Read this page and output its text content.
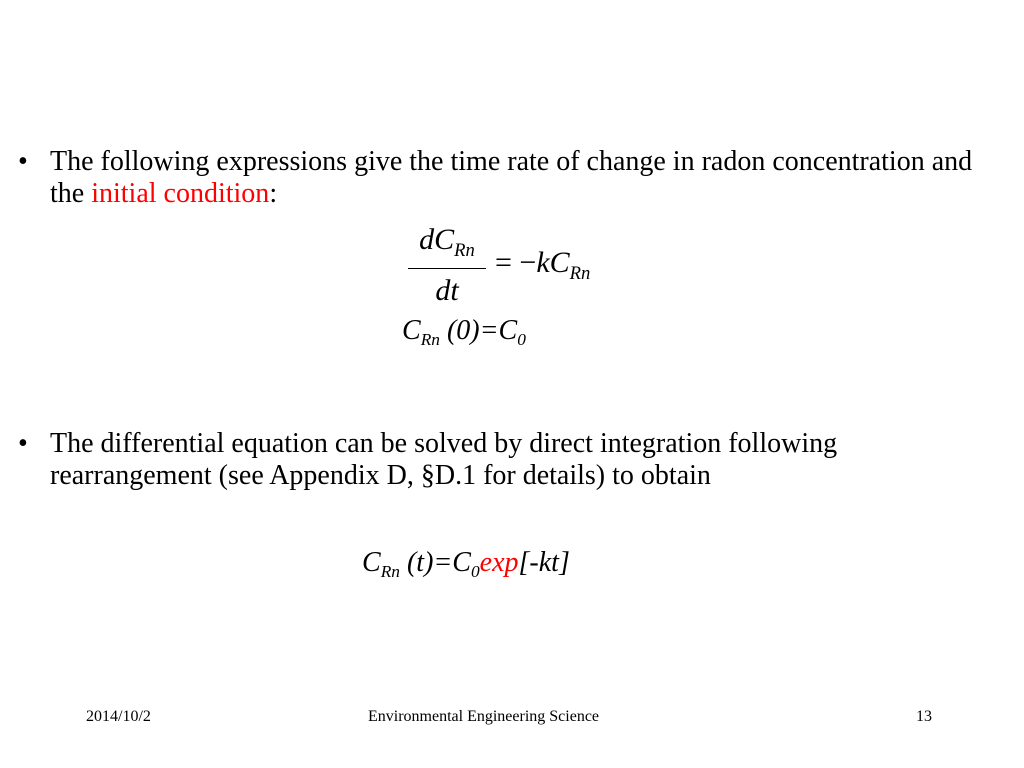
• The following expressions give the time rate of change in radon concentration and the initial condition:
$dC_{Rn}$
dt
= $-kC_{Rn}$
$C_{Rn}$ $(0)=C_0$
• The differential equation can be solved by direct integration following rearrangement (see Appendix D, §D.1 for details) to obtain
$C_{Rn}$ $(t)=C_0\exp[-kt]$
2014/10/2	Environmental Engineering Science	13
